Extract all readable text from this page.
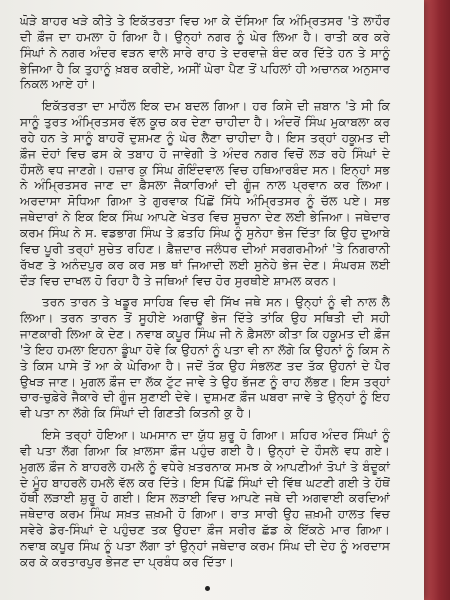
ਘੋੜੇ ਬਾਹਰ ਖੜੇ ਕੀਤੇ ਤੇ ਇਕੱਤਰਤਾ ਵਿਚ ਆ ਕੇ ਦੱਸਿਆ ਕਿ ਅੰਮ੍ਰਿਤਸਰ 'ਤੇ ਲਾਹੌਰ ਦੀ ਫ਼ੌਜ ਦਾ ਹਮਲਾ ਹੋ ਗਿਆ ਹੈ। ਉਨ੍ਹਾਂ ਨਗਰ ਨੂੰ ਘੇਰ ਲਿਆ ਹੈ। ਰਾਤੀ ਕਰ ਕਰੇ ਸਿੰਘਾਂ ਨੇ ਨਗਰ ਅੰਦਰ ਵੜਨ ਵਾਲੇ ਸਾਰੇ ਰਾਹ ਤੇ ਦਰਵਾਜ਼ੇ ਬੰਦ ਕਰ ਦਿੱਤੇ ਹਨ ਤੇ ਸਾਨੂੰ ਭੇਜਿਆ ਹੈ ਕਿ ਤੁਹਾਨੂੰ ਖ਼ਬਰ ਕਰੀਏ, ਅਸੀਂ ਘੇਰਾ ਪੈਣ ਤੋਂ ਪਹਿਲਾਂ ਹੀ ਅਚਾਨਕ ਅਨੁਸਾਰ ਨਿਕਲ ਆਏ ਹਾਂ।

ਇਕੱਤਰਤਾ ਦਾ ਮਾਹੌਲ ਇਕ ਦਮ ਬਦਲ ਗਿਆ। ਹਰ ਕਿਸੇ ਦੀ ਜ਼ਬਾਨ 'ਤੇ ਸੀ ਕਿ ਸਾਨੂੰ ਤੁਰਤ ਅੰਮ੍ਰਿਤਸਰ ਵੱਲ ਕੂਚ ਕਰ ਦੇਣਾ ਚਾਹੀਦਾ ਹੈ। ਅੰਦਰੋਂ ਸਿੰਘ ਮੁਕਾਬਲਾ ਕਰ ਰਹੇ ਹਨ ਤੇ ਸਾਨੂੰ ਬਾਹਰੋਂ ਦੁਸ਼ਮਣ ਨੂੰ ਘੇਰ ਲੈਣਾ ਚਾਹੀਦਾ ਹੈ। ਇਸ ਤਰ੍ਹਾਂ ਹਕੂਮਤ ਦੀ ਫ਼ੌਜ ਦੋਹਾਂ ਵਿਚ ਫਸ ਕੇ ਤਬਾਹ ਹੋ ਜਾਵੇਗੀ ਤੇ ਅੰਦਰ ਨਗਰ ਵਿਚੋਂ ਲੜ ਰਹੇ ਸਿੰਘਾਂ ਦੇ ਹੌਸਲੇ ਵਧ ਜਾਣਗੇ। ਹਜ਼ਾਰ ਕੁ ਸਿੰਘ ਗੋਇੰਦਵਾਲ ਵਿਚ ਹਥਿਆਰਬੰਦ ਸਨ। ਇਨ੍ਹਾਂ ਸਭ ਨੇ ਅੰਮ੍ਰਿਤਸਰ ਜਾਣ ਦਾ ਫ਼ੈਸਲਾ ਜੈਕਾਰਿਆਂ ਦੀ ਗੂੰਜ ਨਾਲ ਪ੍ਰਵਾਨ ਕਰ ਲਿਆ। ਅਰਦਾਸਾ ਸੋਧਿਆ ਗਿਆ ਤੇ ਗੁਰਵਾਕ ਪਿੱਛੋਂ ਸਿੱਧੇ ਅੰਮ੍ਰਿਤਸਰ ਨੂੰ ਚੱਲ ਪਏ। ਸਭ ਜਥੇਦਾਰਾਂ ਨੇ ਇਕ ਇਕ ਸਿੰਘ ਆਪਣੇ ਖੇਤਰ ਵਿਚ ਸੂਚਨਾ ਦੇਣ ਲਈ ਭੇਜਿਆ। ਜਥੇਦਾਰ ਕਰਮ ਸਿੰਘ ਨੇ ਸ. ਵਡਭਾਗ ਸਿੰਘ ਤੇ ਫ਼ਤਹਿ ਸਿੰਘ ਨੂੰ ਸੁਨੇਹਾ ਭੇਜ ਦਿੱਤਾ ਕਿ ਉਹ ਦੁਆਬੇ ਵਿਚ ਪੂਰੀ ਤਰ੍ਹਾਂ ਸੁਚੇਤ ਰਹਿਣ। ਫ਼ੈਜ਼ਦਾਰ ਜਲੰਧਰ ਦੀਆਂ ਸਰਗਰਮੀਆਂ 'ਤੇ ਨਿਗਰਾਨੀ ਰੱਖਣ ਤੇ ਅਨੰਦਪੁਰ ਕਰ ਕਰ ਸਭ ਥਾਂ ਜਿਆਦੀ ਲਈ ਸੁਨੇਹੇ ਭੇਜ ਦੇਣ। ਸੰਘਰਸ਼ ਲਈ ਦੌੜ ਵਿਚ ਦਾਖਲ ਹੋ ਰਿਹਾ ਹੈ ਤੇ ਜਥਿਆਂ ਵਿਚ ਹੋਰ ਸੁਰਥੀਏ ਸ਼ਾਮਲ ਕਰਨ।

ਤਰਨ ਤਾਰਨ ਤੇ ਖਡੂਰ ਸਾਹਿਬ ਵਿਚ ਵੀ ਸਿੱਖ ਜਥੇ ਸਨ। ਉਨ੍ਹਾਂ ਨੂੰ ਵੀ ਨਾਲ ਲੈ ਲਿਆ। ਤਰਨ ਤਾਰਨ ਤੋਂ ਸੂਹੀਏ ਅਗਾਊਂ ਭੇਜ ਦਿੱਤੇ ਤਾਂਕਿ ਉਹ ਸਥਿਤੀ ਦੀ ਸਹੀ ਜਾਣਕਾਰੀ ਲਿਆ ਕੇ ਦੇਣ। ਨਵਾਬ ਕਪੂਰ ਸਿੰਘ ਜੀ ਨੇ ਫ਼ੈਸਲਾ ਕੀਤਾ ਕਿ ਹਕੂਮਤ ਦੀ ਫ਼ੌਜ 'ਤੇ ਇਹ ਹਮਲਾ ਇਹਨਾ ਡੂੰਘਾ ਹੋਵੇ ਕਿ ਉਹਨਾਂ ਨੂੰ ਪਤਾ ਵੀ ਨਾ ਲੱਗੇ ਕਿ ਉਹਨਾਂ ਨੂੰ ਕਿਸ ਨੇ ਤੇ ਕਿਸ ਪਾਸੇ ਤੋਂ ਆ ਕੇ ਘੇਰਿਆ ਹੈ। ਜਦੋਂ ਤੱਕ ਉਹ ਸੰਭਲਣ ਤਦ ਤੱਕ ਉਹਨਾਂ ਦੇ ਪੈਰ ਉਖੜ ਜਾਣ। ਮੁਗਲ ਫ਼ੌਜ ਦਾ ਲੱਕ ਟੁੱਟ ਜਾਵੇ ਤੇ ਉਹ ਭੱਜਣ ਨੂੰ ਰਾਹ ਲੱਭਣ। ਇਸ ਤਰ੍ਹਾਂ ਚਾਰ-ਚੁਫ਼ੇਰੇ ਜੈਕਾਰੇ ਦੀ ਗੂੰਜ ਸੁਣਾਈ ਦੇਵੇ। ਦੁਸ਼ਮਣ ਫ਼ੌਜ ਘਬਰਾ ਜਾਵੇ ਤੇ ਉਨ੍ਹਾਂ ਨੂੰ ਇਹ ਵੀ ਪਤਾ ਨਾ ਲੱਗੇ ਕਿ ਸਿੰਘਾਂ ਦੀ ਗਿਣਤੀ ਕਿਤਨੀ ਕੁ ਹੈ।

ਇਸੇ ਤਰ੍ਹਾਂ ਹੋਇਆ। ਘਮਸਾਨ ਦਾ ਯੁੱਧ ਸ਼ੁਰੂ ਹੋ ਗਿਆ। ਸ਼ਹਿਰ ਅੰਦਰ ਸਿੰਘਾਂ ਨੂੰ ਵੀ ਪਤਾ ਲੱਗ ਗਿਆ ਕਿ ਖ਼ਾਲਸਾ ਫ਼ੌਜ ਪਹੁੰਚ ਗਈ ਹੈ। ਉਨ੍ਹਾਂ ਦੇ ਹੌਸਲੇ ਵਧ ਗਏ। ਮੁਗਲ ਫ਼ੌਜ ਨੇ ਬਾਹਰਲੇ ਹਮਲੇ ਨੂੰ ਵਧੇਰੇ ਖ਼ਤਰਨਾਕ ਸਮਝ ਕੇ ਆਪਣੀਆਂ ਤੋਪਾਂ ਤੇ ਬੰਦੂਕਾਂ ਦੇ ਮੂੰਹ ਬਾਹਰਲੇ ਹਮਲੇ ਵੱਲ ਕਰ ਦਿੱਤੇ। ਇਸ ਪਿੱਛੋਂ ਸਿੰਘਾਂ ਦੀ ਵਿੱਥ ਘਟਣੀ ਗਈ ਤੇ ਹੱਥੋਂ ਹੱਥੀ ਲੜਾਈ ਸ਼ੁਰੂ ਹੋ ਗਈ। ਇਸ ਲੜਾਈ ਵਿਚ ਆਪਣੇ ਜਥੇ ਦੀ ਅਗਵਾਈ ਕਰਦਿਆਂ ਜਥੇਦਾਰ ਕਰਮ ਸਿੰਘ ਸਖ਼ਤ ਜ਼ਖ਼ਮੀ ਹੋ ਗਿਆ। ਰਾਤ ਸਾਰੀ ਉਹ ਜ਼ਖ਼ਮੀ ਹਾਲਤ ਵਿਚ ਸਵੇਰੇ ਡੇਰ-ਸਿੰਘਾਂ ਦੇ ਪਹੁੰਚਣ ਤਕ ਉਹਦਾ ਫ਼ੌਜ ਸਰੀਰ ਛੱਡ ਕੇ ਇੱਕਠੇ ਮਾਰ ਗਿਆ। ਨਵਾਬ ਕਪੂਰ ਸਿੰਘ ਨੂੰ ਪਤਾ ਲੱਗਾ ਤਾਂ ਉਨ੍ਹਾਂ ਜਥੇਦਾਰ ਕਰਮ ਸਿੰਘ ਦੀ ਦੇਹ ਨੂੰ ਅਰਦਾਸ ਕਰ ਕੇ ਕਰਤਾਰਪੁਰ ਭੇਜਣ ਦਾ ਪ੍ਰਬੰਧ ਕਰ ਦਿੱਤਾ।
